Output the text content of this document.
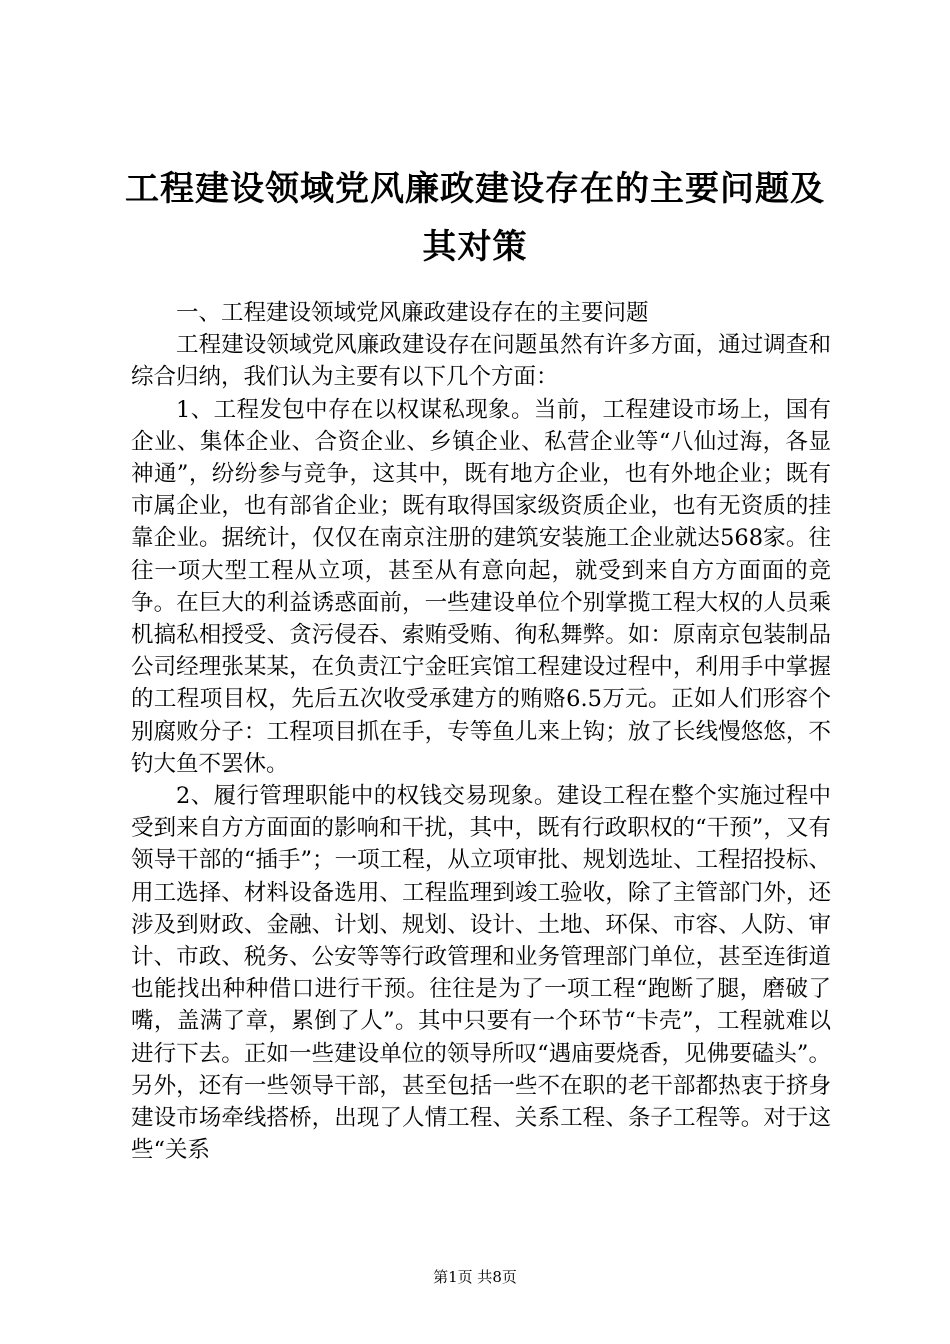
工程建设领域党风廉政建设存在的主要问题及
其对策

一、工程建设领域党风廉政建设存在的主要问题

工程建设领域党风廉政建设存在问题虽然有许多方面，通过调查和综合归纳，我们认为主要有以下几个方面：

1、工程发包中存在以权谋私现象。当前，工程建设市场上，国有企业、集体企业、合资企业、乡镇企业、私营企业等“八仙过海，各显神通”，纷纷参与竞争，这其中，既有地方企业，也有外地企业；既有市属企业，也有部省企业；既有取得国家级资质企业，也有无资质的挂靠企业。据统计，仅仅在南京注册的建筑安装施工企业就达568家。往往一项大型工程从立项，甚至从有意向起，就受到来自方方面面的竞争。在巨大的利益诱惑面前，一些建设单位个别掌揽工程大权的人员乘机搞私相授受、贪污侵吞、索贿受贿、徇私舞弊。如：原南京包装制品公司经理张某某，在负责江宁金旺宾馆工程建设过程中，利用手中掌握的工程项目权，先后五次收受承建方的贿赂6.5万元。正如人们形容个别腐败分子：工程项目抓在手，专等鱼儿来上钩；放了长线慢悠悠，不钓大鱼不罢休。

2、履行管理职能中的权钱交易现象。建设工程在整个实施过程中受到来自方方面面的影响和干扰，其中，既有行政职权的“干预”，又有领导干部的“插手”；一项工程，从立项审批、规划选址、工程招投标、用工选择、材料设备选用、工程监理到竣工验收，除了主管部门外，还涉及到财政、金融、计划、规划、设计、土地、环保、市容、人防、审计、市政、税务、公安等等行政管理和业务管理部门单位，甚至连街道也能找出种种借口进行干预。往往是为了一项工程“跑断了腿，磨破了嘴，盖满了章，累倒了人”。其中只要有一个环节“卡壳”，工程就难以进行下去。正如一些建设单位的领导所叹“遇庙要烧香，见佛要磕头”。另外，还有一些领导干部，甚至包括一些不在职的老干部都热衷于挤身建设市场牵线搭桥，出现了人情工程、关系工程、条子工程等。对于这些“关系

第1页 共8页
